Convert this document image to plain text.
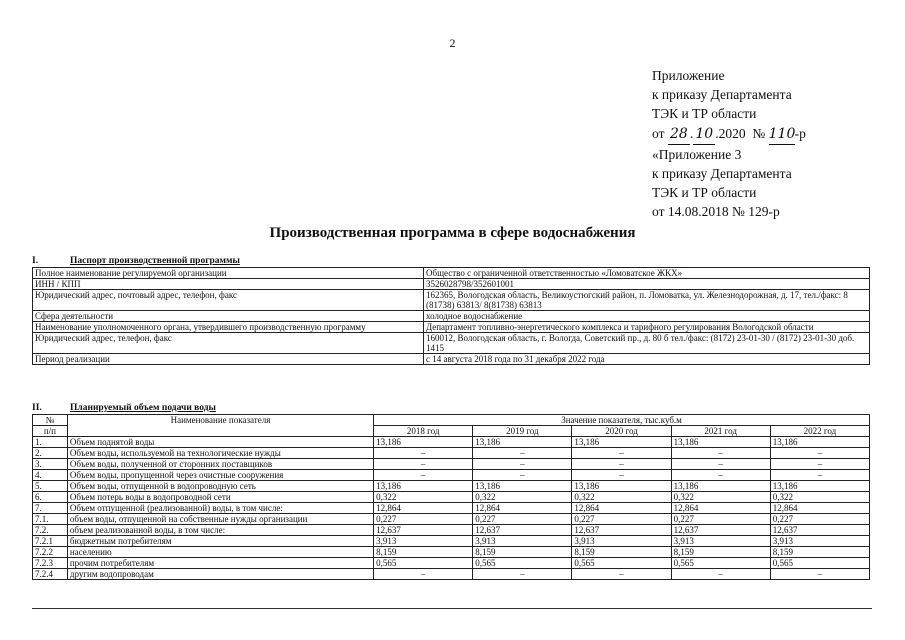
2
Приложение
к приказу Департамента
ТЭК и ТР области
от 28 . 10 .2020 № 110-р
«Приложение 3
к приказу Департамента
ТЭК и ТР области
от 14.08.2018 № 129-р
Производственная программа в сфере водоснабжения
I.	Паспорт производственной программы
Полное наименование регулируемой организации	Общество с ограниченной ответственностью «Ломоватское ЖКХ»
ИНН / КПП	3526028798/352601001
Юридический адрес, почтовый адрес, телефон, факс	162365, Вологодская область, Великоустюгский район, п. Ломоватка, ул. Железнодорожная, д. 17, тел./факс: 8 (81738) 63813/ 8(81738) 63813
Сфера деятельности	холодное водоснабжение
Наименование уполномоченного органа, утвердившего производственную программу	Департамент топливно-энергетического комплекса и тарифного регулирования Вологодской области
Юридический адрес, телефон, факс	160012, Вологодская область, г. Вологда, Советский пр., д. 80 б тел./факс: (8172) 23-01-30 / (8172) 23-01-30 доб. 1415
Период реализации	с 14 августа 2018 года по 31 декабря 2022 года
II.	Планируемый объем подачи воды
№	Наименование показателя	Значение показателя, тыс.куб.м				
п/п		2018 год	2019 год	2020 год	2021 год	2022 год
1.	Объем поднятой воды	13,186	13,186	13,186	13,186	13,186
2.	Объем воды, используемой на технологические нужды	–	–	–	–	–
3.	Объем воды, полученной от сторонних поставщиков	–	–	–	–	–
4.	Объем воды, пропущенной через очистные сооружения	–	–	–	–	–
5.	Объем воды, отпущенной в водопроводную сеть	13,186	13,186	13,186	13,186	13,186
6.	Объем потерь воды в водопроводной сети	0,322	0,322	0,322	0,322	0,322
7.	Объем отпущенной (реализованной) воды, в том числе:	12,864	12,864	12,864	12,864	12,864
7.1.	объем воды, отпущенной на собственные нужды организации	0,227	0,227	0,227	0,227	0,227
7.2.	объем реализованной воды, в том числе:	12,637	12,637	12,637	12,637	12,637
7.2.1	бюджетным потребителям	3,913	3,913	3,913	3,913	3,913
7.2.2	населению	8,159	8,159	8,159	8,159	8,159
7.2.3	прочим потребителям	0,565	0,565	0,565	0,565	0,565
7.2.4	другим водопроводам	–	–	–	–	–
